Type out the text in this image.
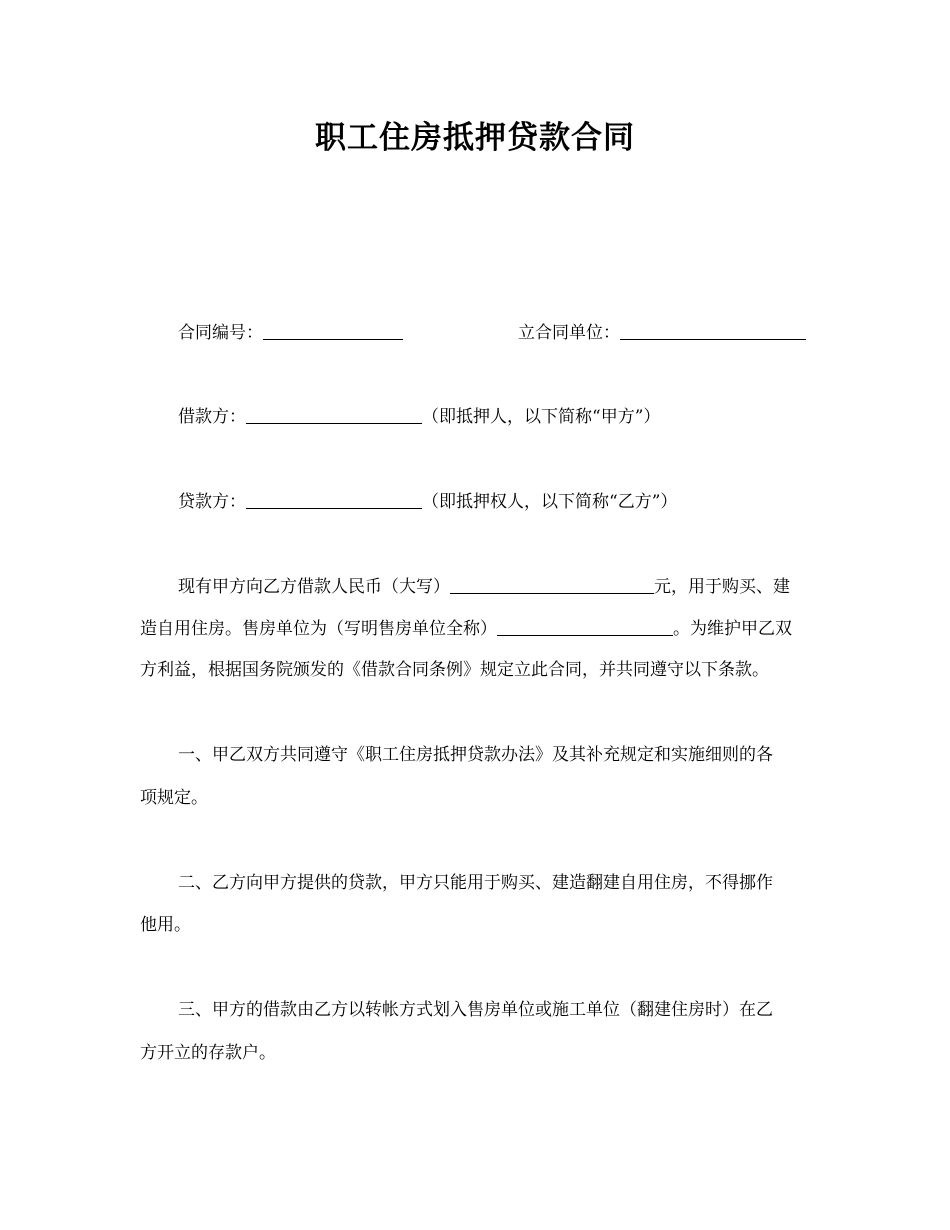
职工住房抵押贷款合同
合同编号：	立合同单位：
借款方：	（即抵押人，以下简称“甲方”）
贷款方：	（即抵押权人，以下简称“乙方”）
现有甲方向乙方借款人民币（大写）	元，用于购买、建
造自用住房。售房单位为（写明售房单位全称）	。为维护甲乙双
方利益，根据国务院颁发的《借款合同条例》规定立此合同，并共同遵守以下条款。
一、甲乙双方共同遵守《职工住房抵押贷款办法》及其补充规定和实施细则的各
项规定。
二、乙方向甲方提供的贷款，甲方只能用于购买、建造翻建自用住房，不得挪作
他用。
三、甲方的借款由乙方以转帐方式划入售房单位或施工单位（翻建住房时）在乙
方开立的存款户。
